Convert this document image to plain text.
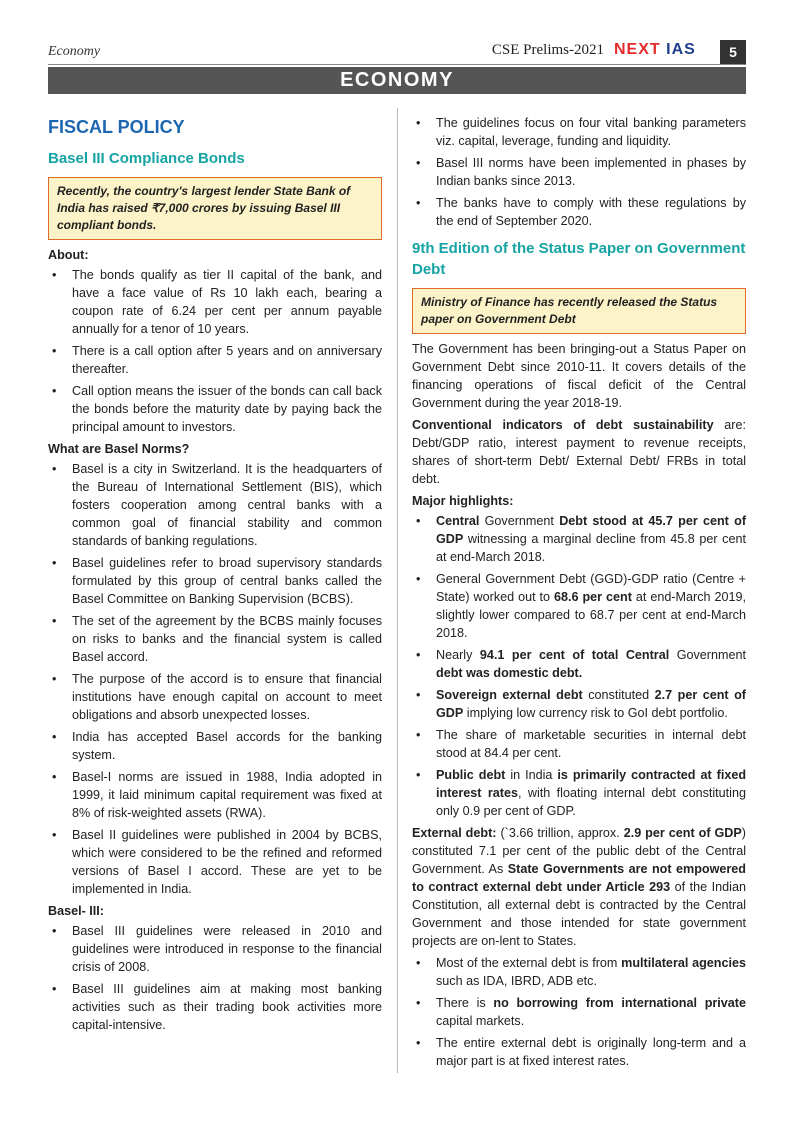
Economy	CSE Prelims-2021 NEXT IAS	5
ECONOMY
FISCAL POLICY
Basel III Compliance Bonds
Recently, the country's largest lender State Bank of India has raised ₹7,000 crores by issuing Basel III compliant bonds.
About:
• The bonds qualify as tier II capital of the bank, and have a face value of Rs 10 lakh each, bearing a coupon rate of 6.24 per cent per annum payable annually for a tenor of 10 years.
• There is a call option after 5 years and on anniversary thereafter.
• Call option means the issuer of the bonds can call back the bonds before the maturity date by paying back the principal amount to investors.
What are Basel Norms?
• Basel is a city in Switzerland. It is the headquarters of the Bureau of International Settlement (BIS), which fosters cooperation among central banks with a common goal of financial stability and common standards of banking regulations.
• Basel guidelines refer to broad supervisory standards formulated by this group of central banks called the Basel Committee on Banking Supervision (BCBS).
• The set of the agreement by the BCBS mainly focuses on risks to banks and the financial system is called Basel accord.
• The purpose of the accord is to ensure that financial institutions have enough capital on account to meet obligations and absorb unexpected losses.
• India has accepted Basel accords for the banking system.
• Basel-I norms are issued in 1988, India adopted in 1999, it laid minimum capital requirement was fixed at 8% of risk-weighted assets (RWA).
• Basel II guidelines were published in 2004 by BCBS, which were considered to be the refined and reformed versions of Basel I accord. These are yet to be implemented in India.
Basel- III:
• Basel III guidelines were released in 2010 and guidelines were introduced in response to the financial crisis of 2008.
• Basel III guidelines aim at making most banking activities such as their trading book activities more capital-intensive.
• The guidelines focus on four vital banking parameters viz. capital, leverage, funding and liquidity.
• Basel III norms have been implemented in phases by Indian banks since 2013.
• The banks have to comply with these regulations by the end of September 2020.
9th Edition of the Status Paper on Government Debt
Ministry of Finance has recently released the Status paper on Government Debt

The Government has been bringing-out a Status Paper on Government Debt since 2010-11. It covers details of the financing operations of fiscal deficit of the Central Government during the year 2018-19.

Conventional indicators of debt sustainability are: Debt/GDP ratio, interest payment to revenue receipts, shares of short-term Debt/ External Debt/ FRBs in total debt.

Major highlights:
• Central Government Debt stood at 45.7 per cent of GDP witnessing a marginal decline from 45.8 per cent at end-March 2018.
• General Government Debt (GGD)-GDP ratio (Centre + State) worked out to 68.6 per cent at end-March 2019, slightly lower compared to 68.7 per cent at end-March 2018.
• Nearly 94.1 per cent of total Central Government debt was domestic debt.
• Sovereign external debt constituted 2.7 per cent of GDP implying low currency risk to GoI debt portfolio.
• The share of marketable securities in internal debt stood at 84.4 per cent.
• Public debt in India is primarily contracted at fixed interest rates, with floating internal debt constituting only 0.9 per cent of GDP.

External debt: (`3.66 trillion, approx. 2.9 per cent of GDP) constituted 7.1 per cent of the public debt of the Central Government. As State Governments are not empowered to contract external debt under Article 293 of the Indian Constitution, all external debt is contracted by the Central Government and those intended for state government projects are on-lent to States.

• Most of the external debt is from multilateral agencies such as IDA, IBRD, ADB etc.
• There is no borrowing from international private capital markets.
• The entire external debt is originally long-term and a major part is at fixed interest rates.
